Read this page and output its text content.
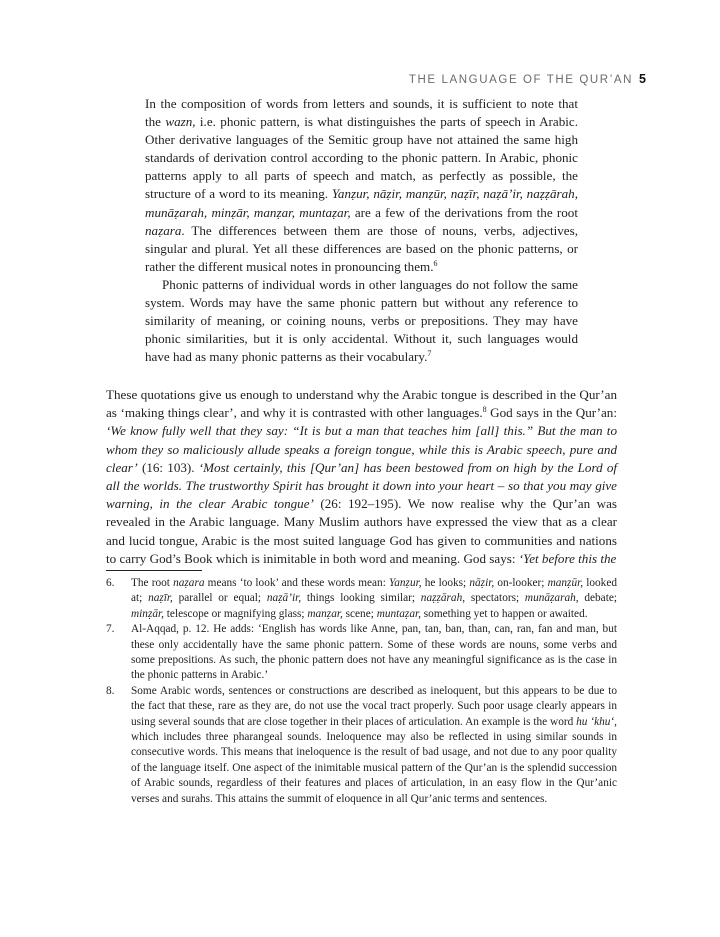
THE LANGUAGE OF THE QUR’AN 5

In the composition of words from letters and sounds, it is sufficient to note that the wazn, i.e. phonic pattern, is what distinguishes the parts of speech in Arabic. Other derivative languages of the Semitic group have not attained the same high standards of derivation control according to the phonic pattern. In Arabic, phonic patterns apply to all parts of speech and match, as perfectly as possible, the structure of a word to its meaning. Yanẓur, nāẓir, manẓūr, naẓīr, naẓā’ir, naẓẓārah, munāẓarah, minẓār, manẓar, muntaẓar, are a few of the derivations from the root naẓara. The differences between them are those of nouns, verbs, adjectives, singular and plural. Yet all these differences are based on the phonic patterns, or rather the different musical notes in pronouncing them.$^6$

Phonic patterns of individual words in other languages do not follow the same system. Words may have the same phonic pattern but without any reference to similarity of meaning, or coining nouns, verbs or prepositions. They may have phonic similarities, but it is only accidental. Without it, such languages would have had as many phonic patterns as their vocabulary.$^7$

These quotations give us enough to understand why the Arabic tongue is described in the Qur’an as ‘making things clear’, and why it is contrasted with other languages.$^8$ God says in the Qur’an: ‘We know fully well that they say: “It is but a man that teaches him [all] this.” But the man to whom they so maliciously allude speaks a foreign tongue, while this is Arabic speech, pure and clear’ (16: 103). ‘Most certainly, this [Qur’an] has been bestowed from on high by the Lord of all the worlds. The trustworthy Spirit has brought it down into your heart – so that you may give warning, in the clear Arabic tongue’ (26: 192–195). We now realise why the Qur’an was revealed in the Arabic language. Many Muslim authors have expressed the view that as a clear and lucid tongue, Arabic is the most suited language God has given to communities and nations to carry God’s Book which is inimitable in both word and meaning. God says: ‘Yet before this the

6.	The root naẓara means ‘to look’ and these words mean: Yanẓur, he looks; nāẓir, on-looker; manẓūr, looked at; naẓīr, parallel or equal; naẓā’ir, things looking similar; naẓẓārah, spectators; munāẓarah, debate; minẓār, telescope or magnifying glass; manẓar, scene; muntaẓar, something yet to happen or awaited.
7.	Al-Aqqad, p. 12. He adds: ‘English has words like Anne, pan, tan, ban, than, can, ran, fan and man, but these only accidentally have the same phonic pattern. Some of these words are nouns, some verbs and some prepositions. As such, the phonic pattern does not have any meaningful significance as is the case in the phonic patterns in Arabic.’
8.	Some Arabic words, sentences or constructions are described as ineloquent, but this appears to be due to the fact that these, rare as they are, do not use the vocal tract properly. Such poor usage clearly appears in using several sounds that are close together in their places of articulation. An example is the word hu ‘khu‘, which includes three pharangeal sounds. Ineloquence may also be reflected in using similar sounds in consecutive words. This means that ineloquence is the result of bad usage, and not due to any poor quality of the language itself. One aspect of the inimitable musical pattern of the Qur’an is the splendid succession of Arabic sounds, regardless of their features and places of articulation, in an easy flow in the Qur’anic verses and surahs. This attains the summit of eloquence in all Qur’anic terms and sentences.
